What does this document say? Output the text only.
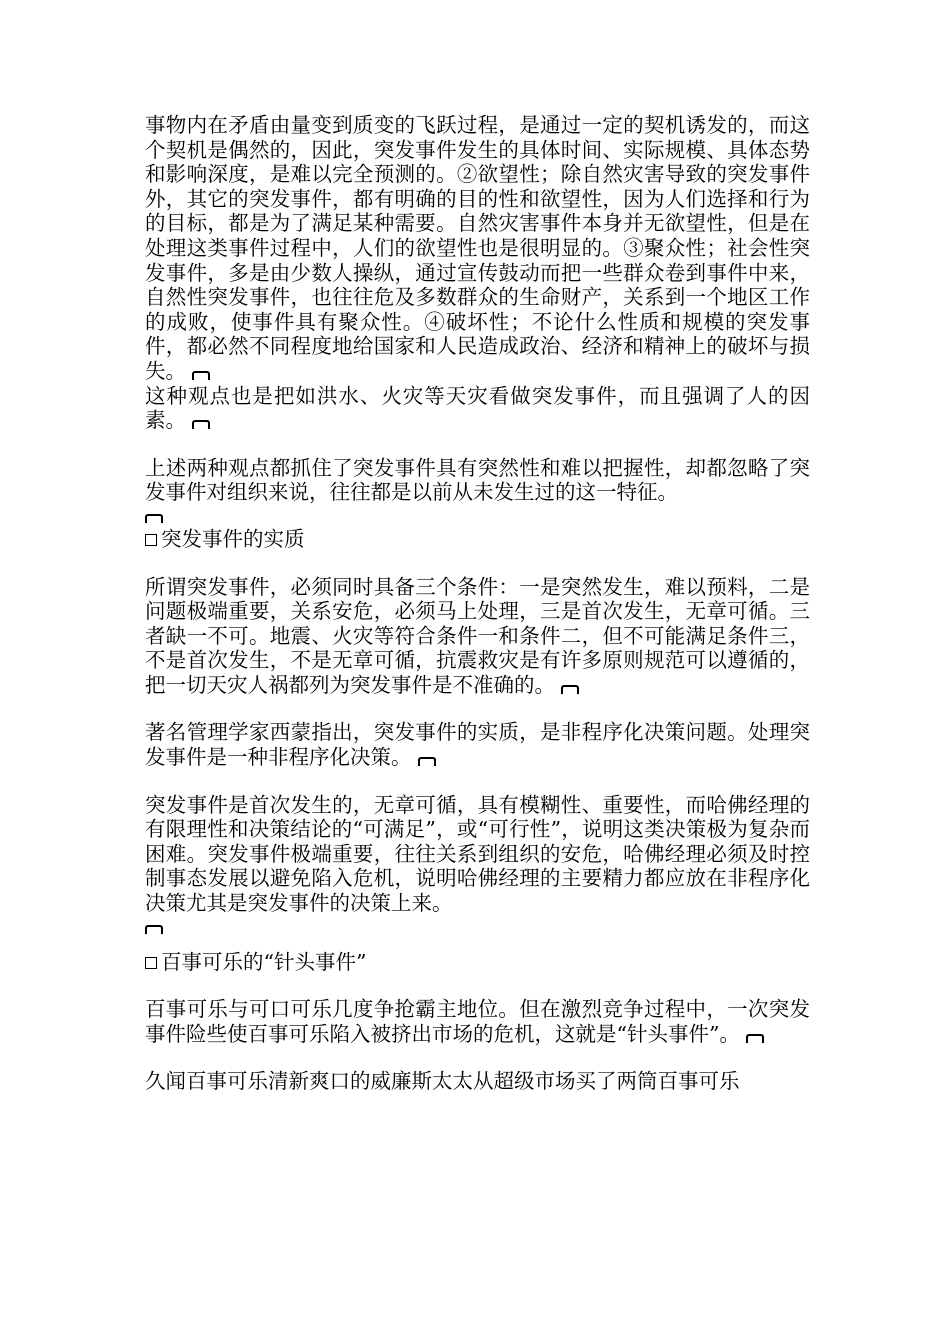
事物内在矛盾由量变到质变的飞跃过程，是通过一定的契机诱发的，而这个契机是偶然的，因此，突发事件发生的具体时间、实际规模、具体态势和影响深度，是难以完全预测的。②欲望性；除自然灾害导致的突发事件外，其它的突发事件，都有明确的目的性和欲望性，因为人们选择和行为的目标，都是为了满足某种需要。自然灾害事件本身并无欲望性，但是在处理这类事件过程中，人们的欲望性也是很明显的。③聚众性；社会性突发事件，多是由少数人操纵，通过宣传鼓动而把一些群众卷到事件中来，自然性突发事件，也往往危及多数群众的生命财产，关系到一个地区工作的成败，使事件具有聚众性。④破坏性；不论什么性质和规模的突发事件，都必然不同程度地给国家和人民造成政治、经济和精神上的破坏与损失。

这种观点也是把如洪水、火灾等天灾看做突发事件，而且强调了人的因素。

上述两种观点都抓住了突发事件具有突然性和难以把握性，却都忽略了突发事件对组织来说，往往都是以前从未发生过的这一特征。

突发事件的实质

所谓突发事件，必须同时具备三个条件：一是突然发生，难以预料，二是问题极端重要，关系安危，必须马上处理，三是首次发生，无章可循。三者缺一不可。地震、火灾等符合条件一和条件二，但不可能满足条件三，不是首次发生，不是无章可循，抗震救灾是有许多原则规范可以遵循的，把一切天灾人祸都列为突发事件是不准确的。

著名管理学家西蒙指出，突发事件的实质，是非程序化决策问题。处理突发事件是一种非程序化决策。

突发事件是首次发生的，无章可循，具有模糊性、重要性，而哈佛经理的有限理性和决策结论的“可满足”，或“可行性”，说明这类决策极为复杂而困难。突发事件极端重要，往往关系到组织的安危，哈佛经理必须及时控制事态发展以避免陷入危机，说明哈佛经理的主要精力都应放在非程序化决策尤其是突发事件的决策上来。

百事可乐的“针头事件”

百事可乐与可口可乐几度争抢霸主地位。但在激烈竞争过程中，一次突发事件险些使百事可乐陷入被挤出市场的危机，这就是“针头事件”。

久闻百事可乐清新爽口的威廉斯太太从超级市场买了两筒百事可乐
